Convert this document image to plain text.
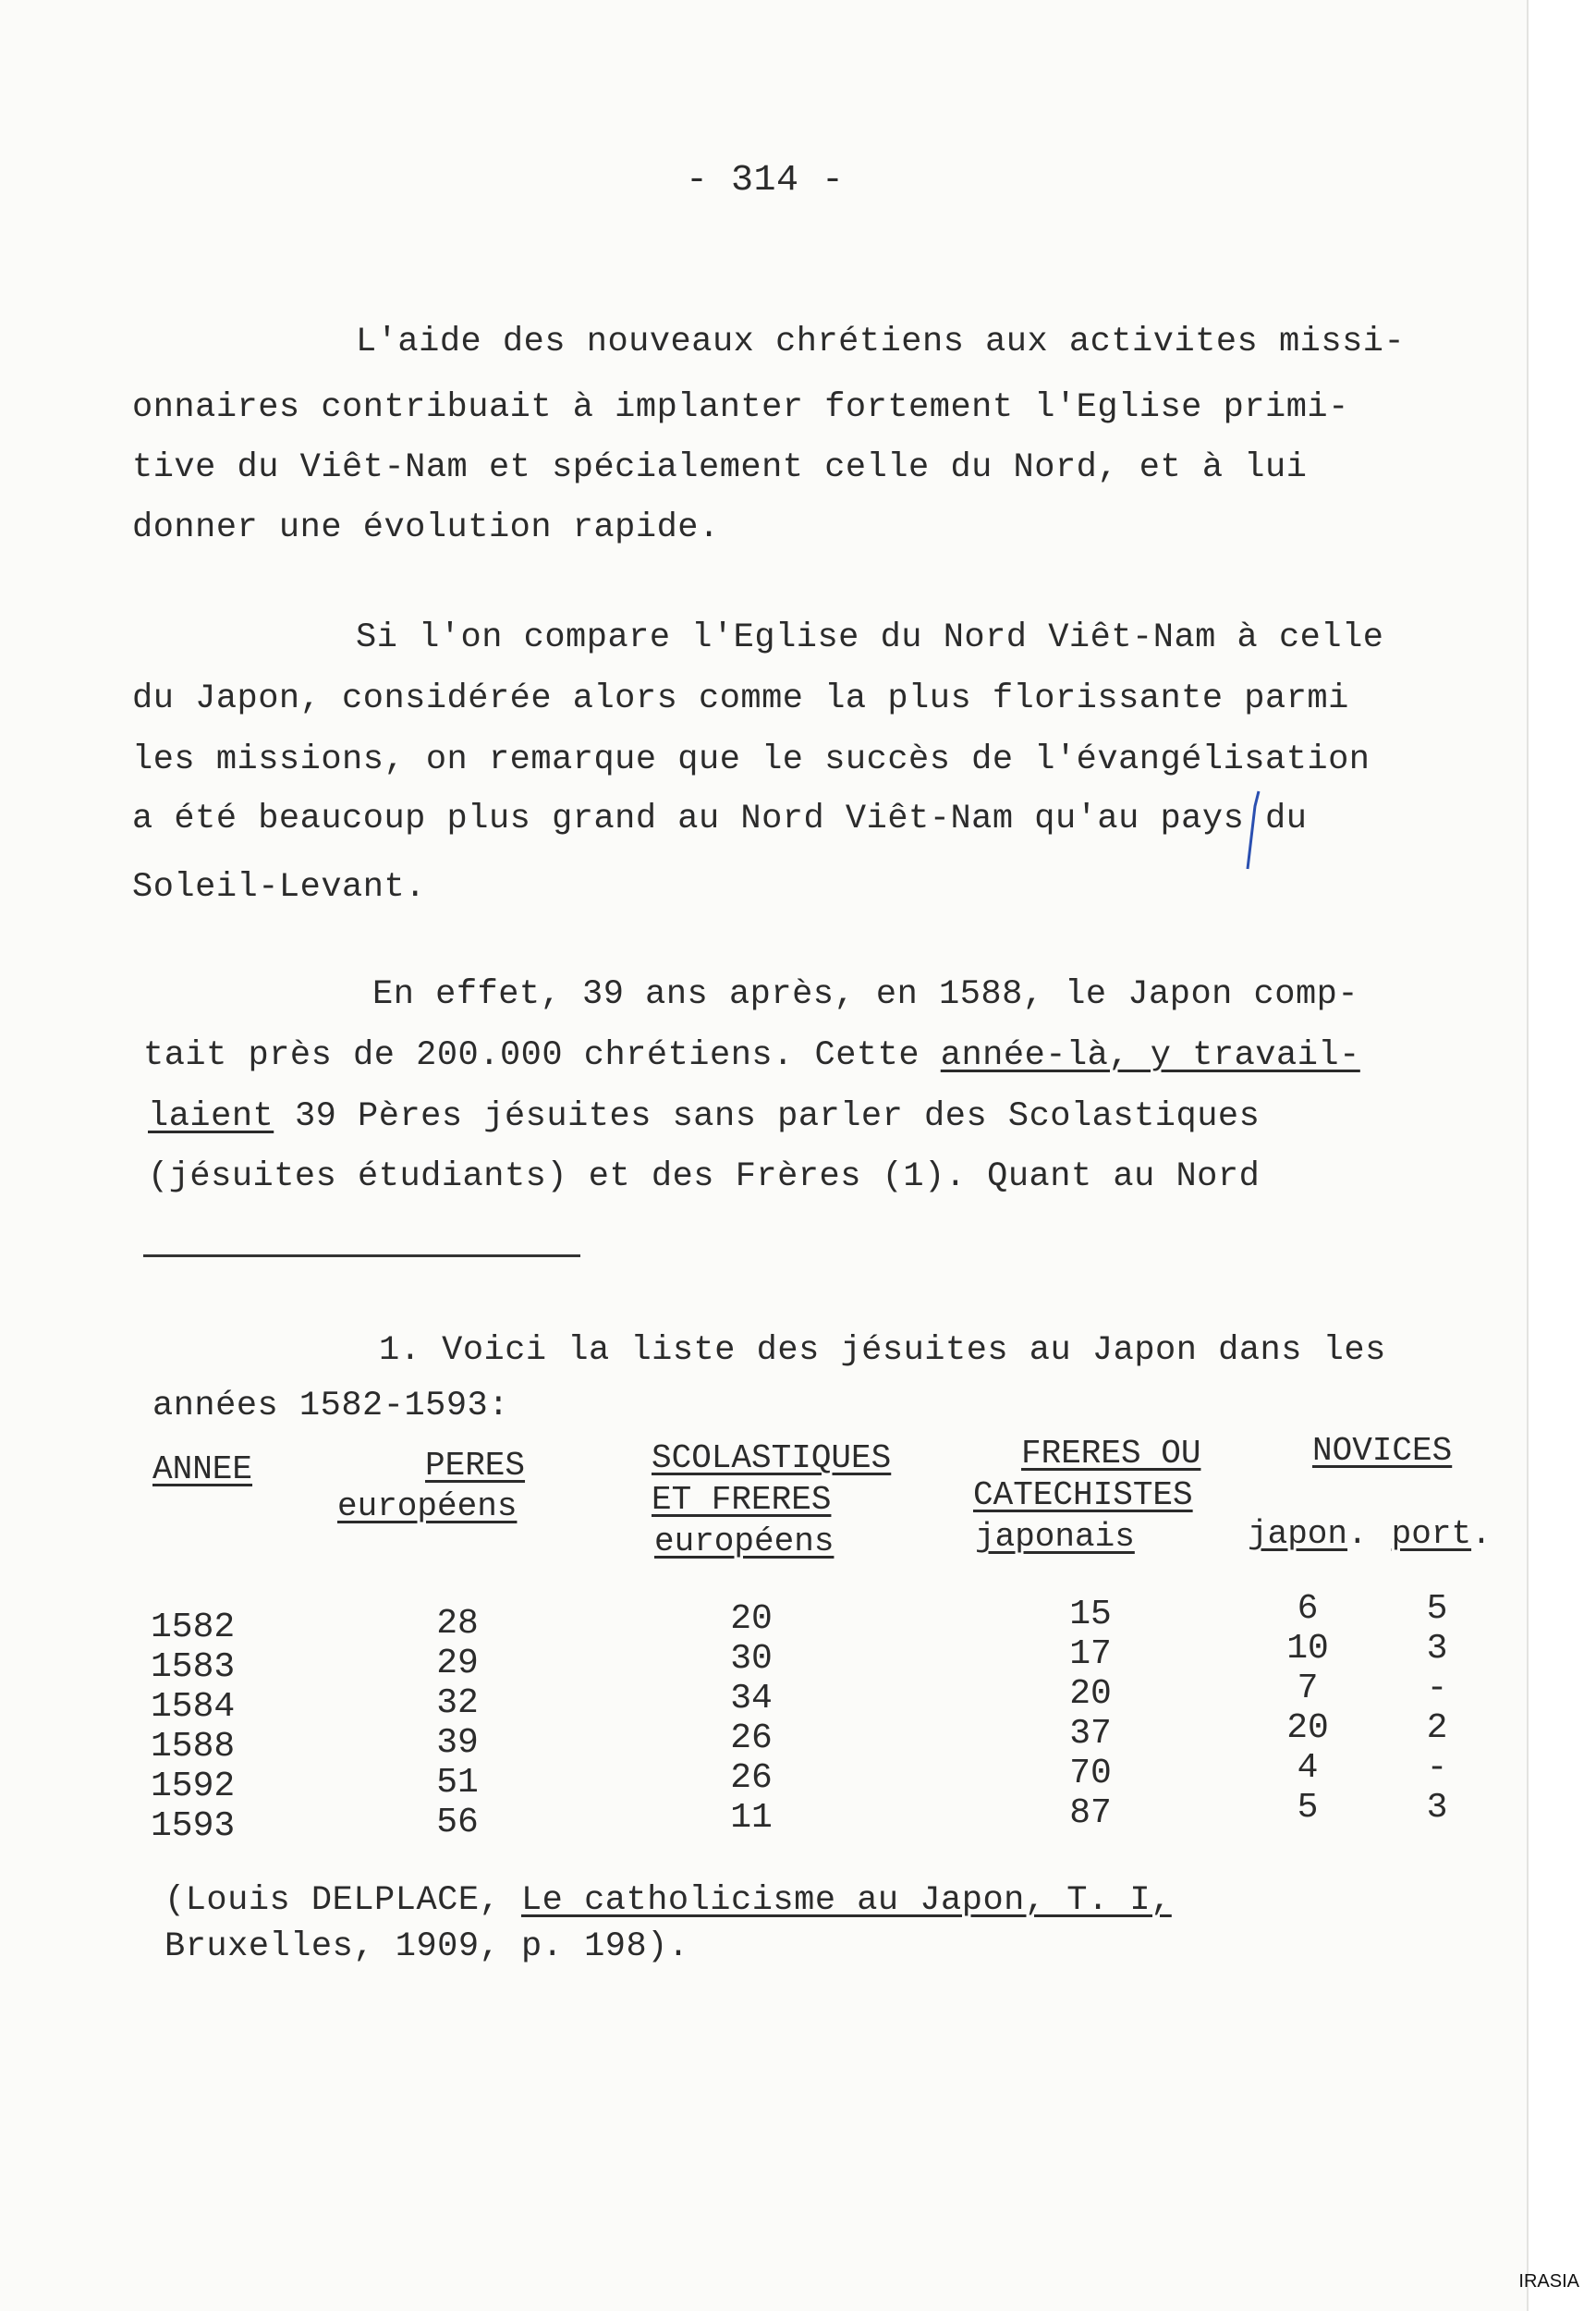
- 314 -
L'aide des nouveaux chrétiens aux activites missi-
onnaires contribuait à implanter fortement l'Eglise primi-
tive du Viêt-Nam et spécialement celle du Nord, et à lui
donner une évolution rapide.
Si l'on compare l'Eglise du Nord Viêt-Nam à celle
du Japon, considérée alors comme la plus florissante parmi
les missions, on remarque que le succès de l'évangélisation
a été beaucoup plus grand au Nord Viêt-Nam qu'au pays du
Soleil-Levant.
En effet, 39 ans après, en 1588, le Japon comp-
tait près de 200.000 chrétiens. Cette année-là, y travail-
laient 39 Pères jésuites sans parler des Scolastiques
(jésuites étudiants) et des Frères (1). Quant au Nord
1. Voici la liste des jésuites au Japon dans les
années 1582-1593:
ANNEE	PERES
européens
SCOLASTIQUES
ET FRERES
européens
FRERES OU
CATECHISTES
japonais
NOVICES
japon. port.
1582	28	20	15	6	5
1583	29	30	17	10	3
1584	32	34	20	7	-
1588	39	26	37	20	2
1592	51	26	70	4	-
1593	56	11	87	5	3
(Louis DELPLACE, Le catholicisme au Japon, T. I,
Bruxelles, 1909, p. 198).
IRASIA
